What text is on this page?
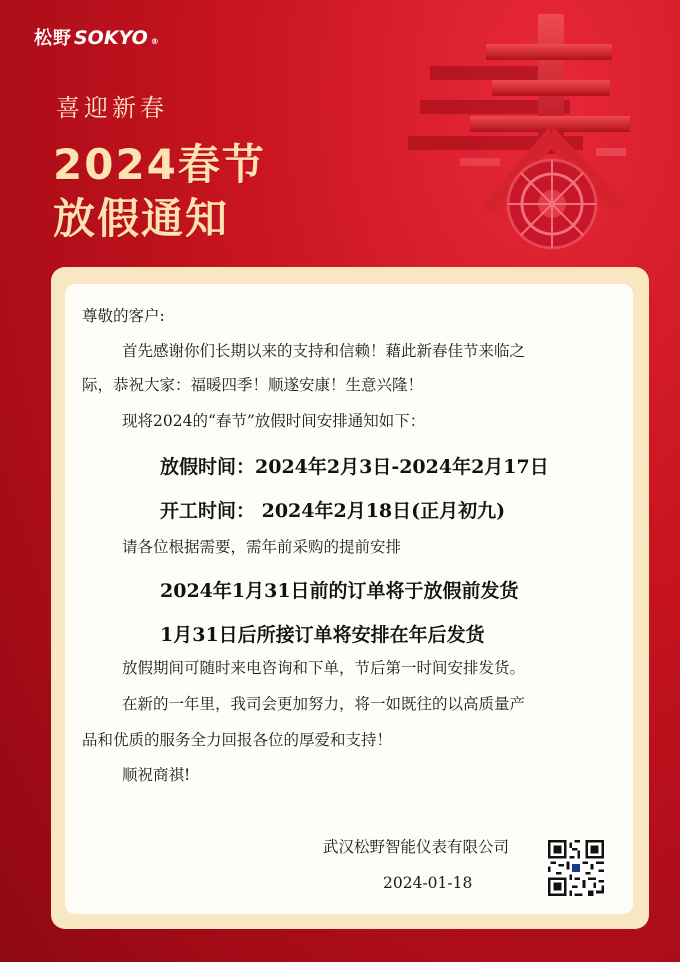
松野 SOKYO ®
喜迎新春
2024春节
放假通知
尊敬的客户:
首先感谢你们长期以来的支持和信赖！藉此新春佳节来临之
际，恭祝大家：福暖四季！顺遂安康！生意兴隆！
现将2024的“春节”放假时间安排通知如下：
放假时间：2024年2月3日-2024年2月17日
开工时间： 2024年2月18日(正月初九)
请各位根据需要，需年前采购的提前安排
2024年1月31日前的订单将于放假前发货
1月31日后所接订单将安排在年后发货
放假期间可随时来电咨询和下单，节后第一时间安排发货。
在新的一年里，我司会更加努力，将一如既往的以高质量产
品和优质的服务全力回报各位的厚爱和支持！
顺祝商祺!
武汉松野智能仪表有限公司
2024-01-18
